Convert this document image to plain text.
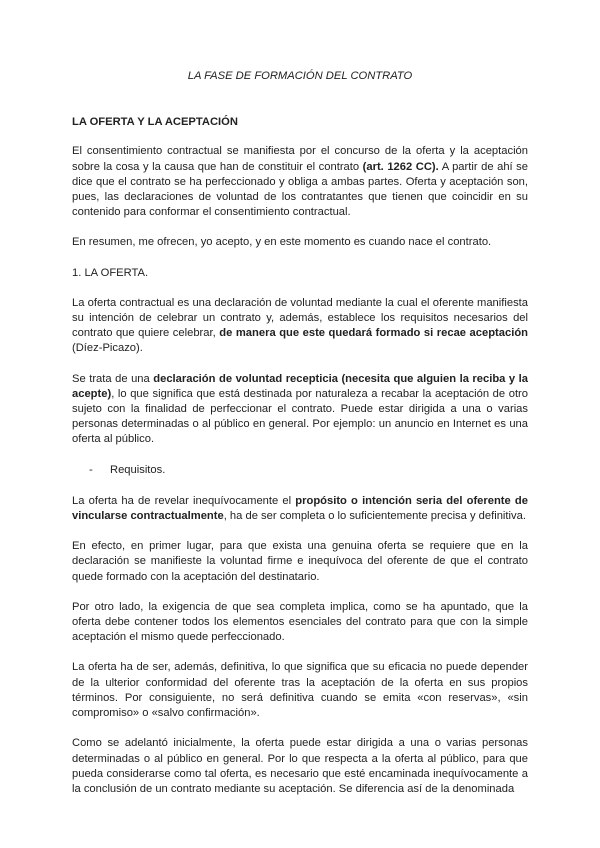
LA FASE DE FORMACIÓN DEL CONTRATO
LA OFERTA Y LA ACEPTACIÓN

El consentimiento contractual se manifiesta por el concurso de la oferta y la aceptación sobre la cosa y la causa que han de constituir el contrato (art. 1262 CC). A partir de ahí se dice que el contrato se ha perfeccionado y obliga a ambas partes. Oferta y aceptación son, pues, las declaraciones de voluntad de los contratantes que tienen que coincidir en su contenido para conformar el consentimiento contractual.

En resumen, me ofrecen, yo acepto, y en este momento es cuando nace el contrato.

1. LA OFERTA.

La oferta contractual es una declaración de voluntad mediante la cual el oferente manifiesta su intención de celebrar un contrato y, además, establece los requisitos necesarios del contrato que quiere celebrar, de manera que este quedará formado si recae aceptación (Díez-Picazo).

Se trata de una declaración de voluntad recepticia (necesita que alguien la reciba y la acepte), lo que significa que está destinada por naturaleza a recabar la aceptación de otro sujeto con la finalidad de perfeccionar el contrato. Puede estar dirigida a una o varias personas determinadas o al público en general. Por ejemplo: un anuncio en Internet es una oferta al público.

-	Requisitos.

La oferta ha de revelar inequívocamente el propósito o intención seria del oferente de vincularse contractualmente, ha de ser completa o lo suficientemente precisa y definitiva.

En efecto, en primer lugar, para que exista una genuina oferta se requiere que en la declaración se manifieste la voluntad firme e inequívoca del oferente de que el contrato quede formado con la aceptación del destinatario.

Por otro lado, la exigencia de que sea completa implica, como se ha apuntado, que la oferta debe contener todos los elementos esenciales del contrato para que con la simple aceptación el mismo quede perfeccionado.

La oferta ha de ser, además, definitiva, lo que significa que su eficacia no puede depender de la ulterior conformidad del oferente tras la aceptación de la oferta en sus propios términos. Por consiguiente, no será definitiva cuando se emita «con reservas», «sin compromiso» o «salvo confirmación».

Como se adelantó inicialmente, la oferta puede estar dirigida a una o varias personas determinadas o al público en general. Por lo que respecta a la oferta al público, para que pueda considerarse como tal oferta, es necesario que esté encaminada inequívocamente a la conclusión de un contrato mediante su aceptación. Se diferencia así de la denominada
